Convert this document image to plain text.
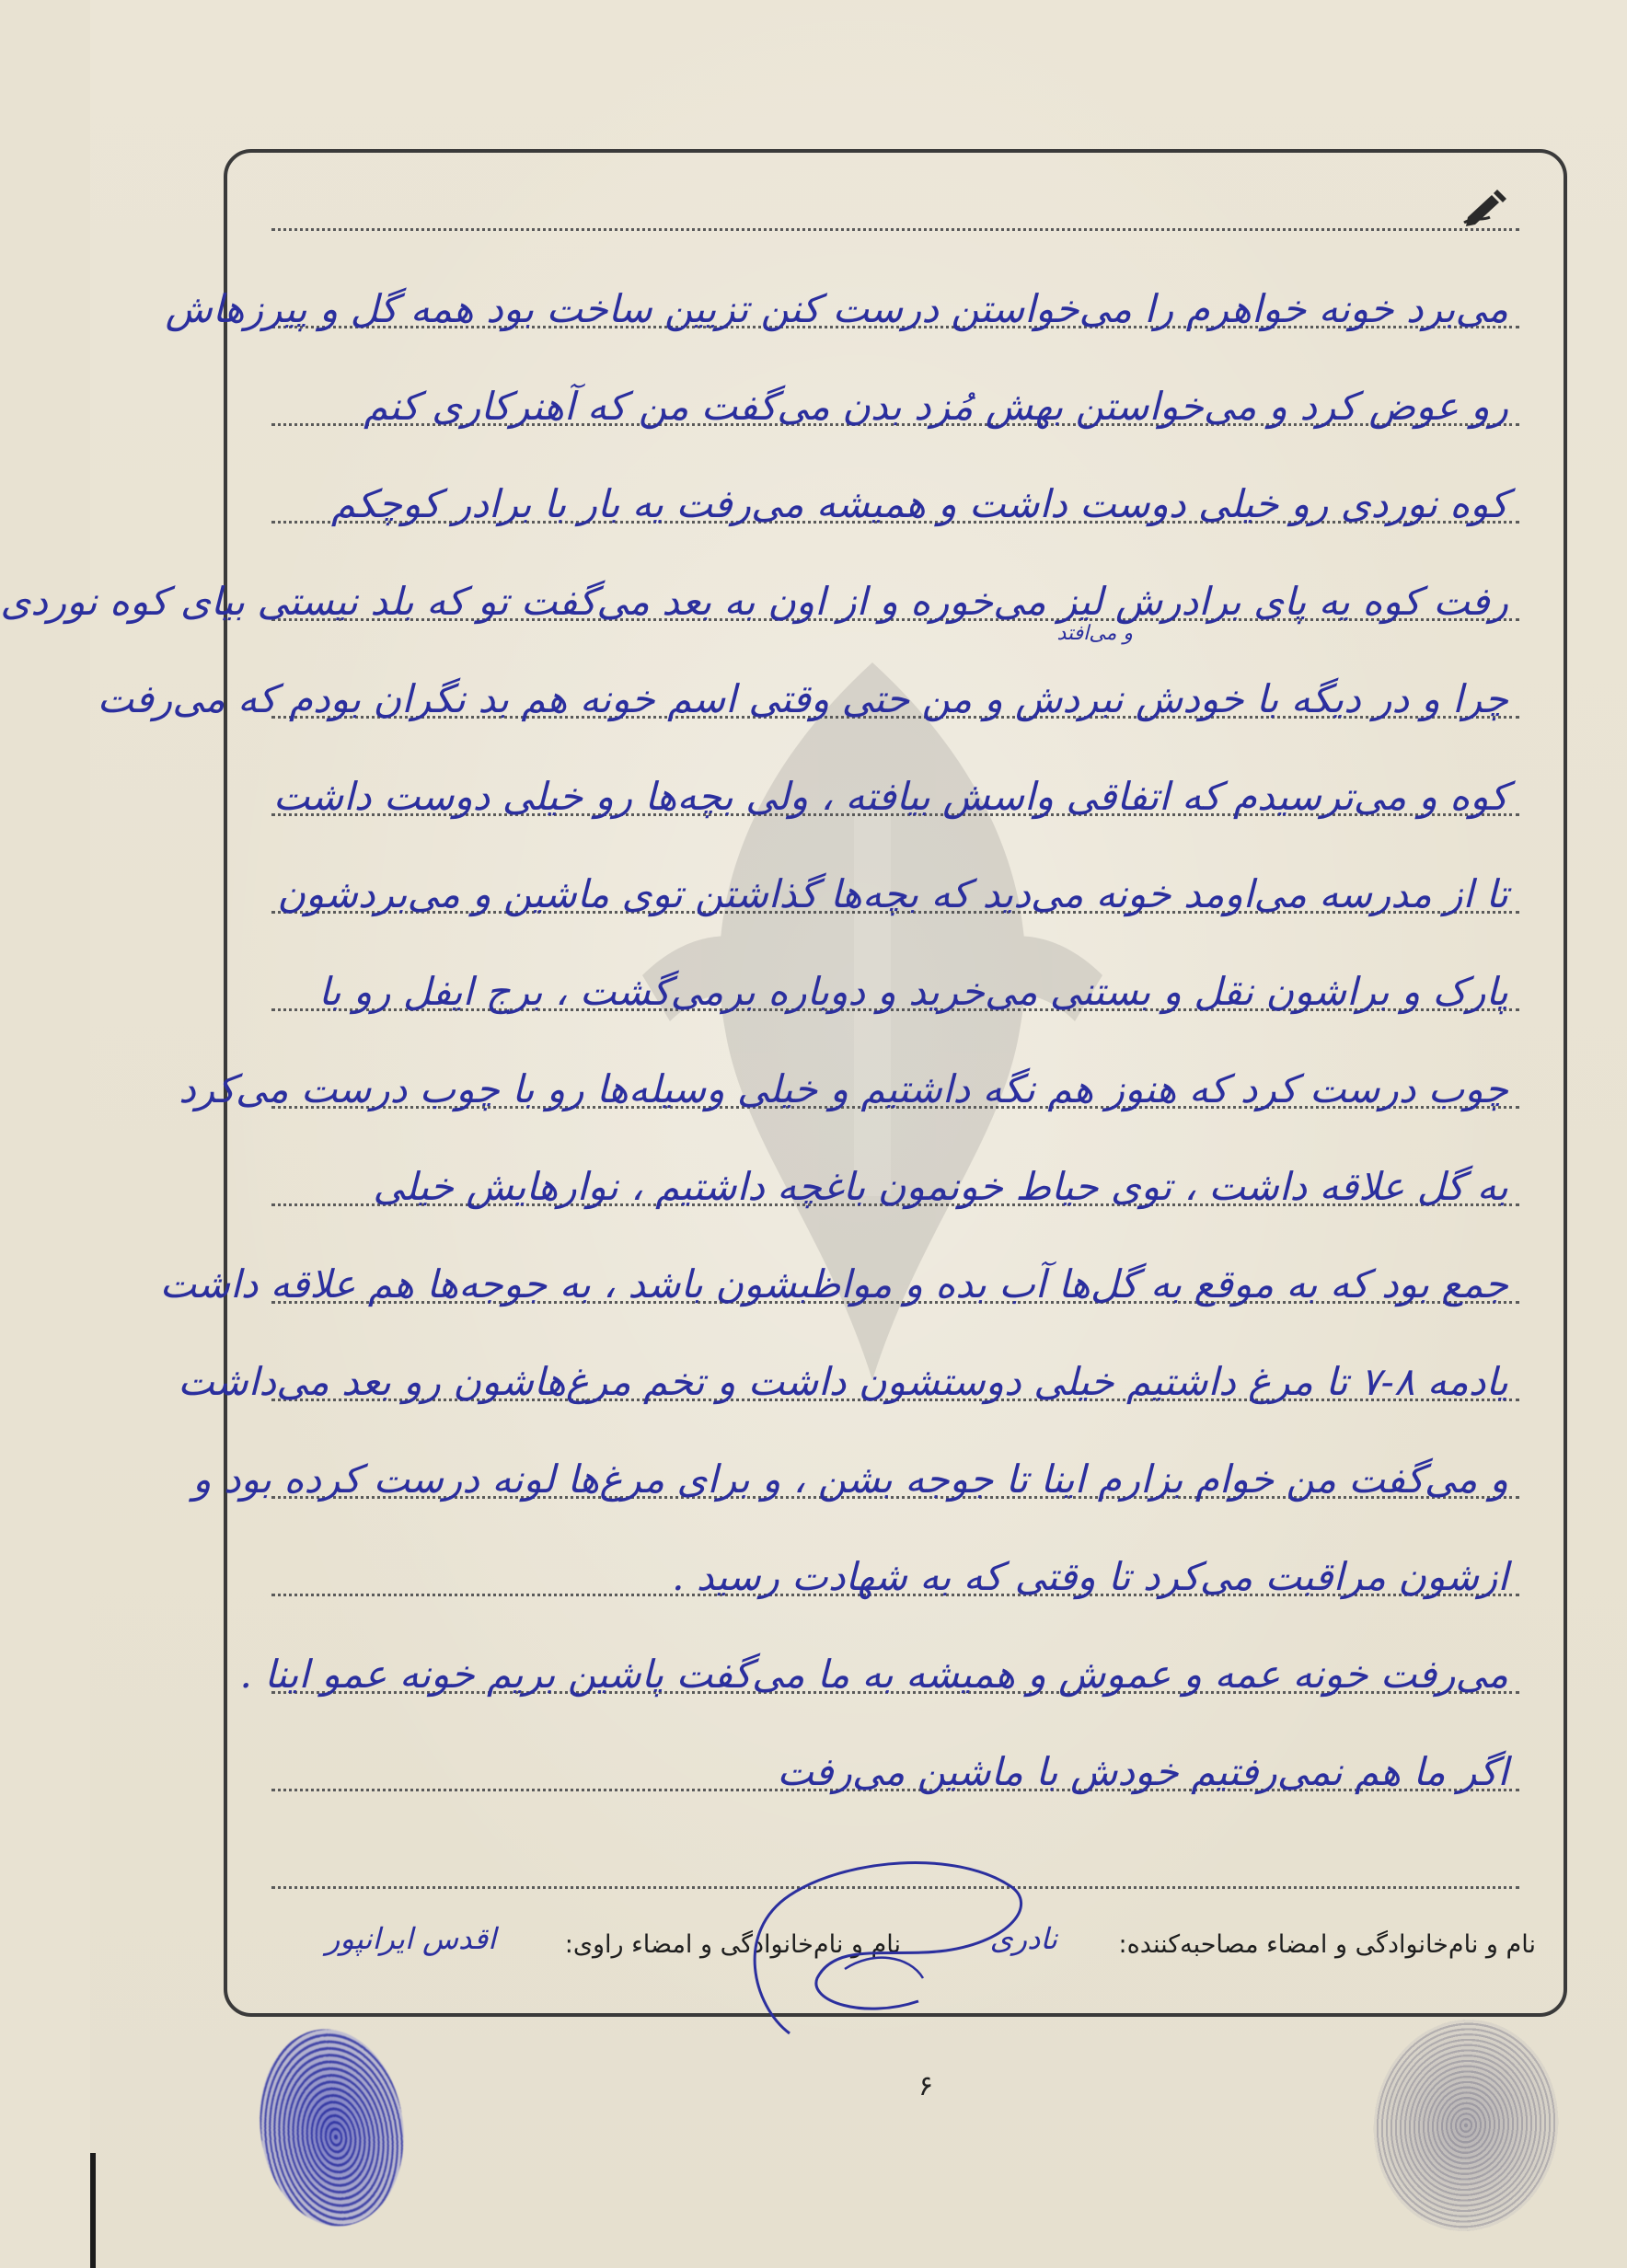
می‌برد خونه خواهرم را می‌خواستن درست کنن تزیین ساخت بود همه گل و پیرزهاش
رو عوض کرد و می‌خواستن بهش مُزد بدن می‌گفت من که آهنرکاری کنم
کوه نوردی رو خیلی دوست داشت و همیشه می‌رفت یه بار با برادر کوچکم
رفت کوه یه پای برادرش لیز می‌خوره و از اون به بعد می‌گفت تو که بلد نیستی بیای کوه نوردی
و می‌افتد
چرا و در دیگه با خودش نبردش و من حتی وقتی اسم خونه هم بد نگران بودم که می‌رفت
کوه و می‌ترسیدم که اتفاقی واسش بیافته ، ولی بچه‌ها رو خیلی دوست داشت
تا از مدرسه می‌اومد خونه می‌دید که بچه‌ها گذاشتن توی ماشین و می‌بردشون
پارک و براشون نقل و بستنی می‌خرید و دوباره برمی‌گشت ، برج ایفل رو با
چوب درست کرد که هنوز هم نگه داشتیم و خیلی وسیله‌ها رو با چوب درست می‌کرد
به گل علاقه داشت ، توی حیاط خونمون باغچه داشتیم ، نوارهایش خیلی
جمع بود که به موقع به گل‌ها آب بده و مواظبشون باشد ، به جوجه‌ها هم علاقه داشت
یادمه ۸-۷ تا مرغ داشتیم خیلی دوستشون داشت و تخم مرغ‌هاشون رو بعد می‌داشت
و می‌گفت من خوام بزارم اینا تا جوجه بشن ، و برای مرغ‌ها لونه درست کرده بود و
ازشون مراقبت می‌کرد تا وقتی که به شهادت رسید .
می‌رفت خونه عمه و عموش و همیشه به ما می‌گفت پاشین بریم خونه عمو اینا .
اگر ما هم نمی‌رفتیم خودش با ماشین می‌رفت
نام و نام‌خانوادگی و امضاء مصاحبه‌کننده:
نادری
نام و نام‌خانوادگی و امضاء راوی:
اقدس ایرانپور
۶
